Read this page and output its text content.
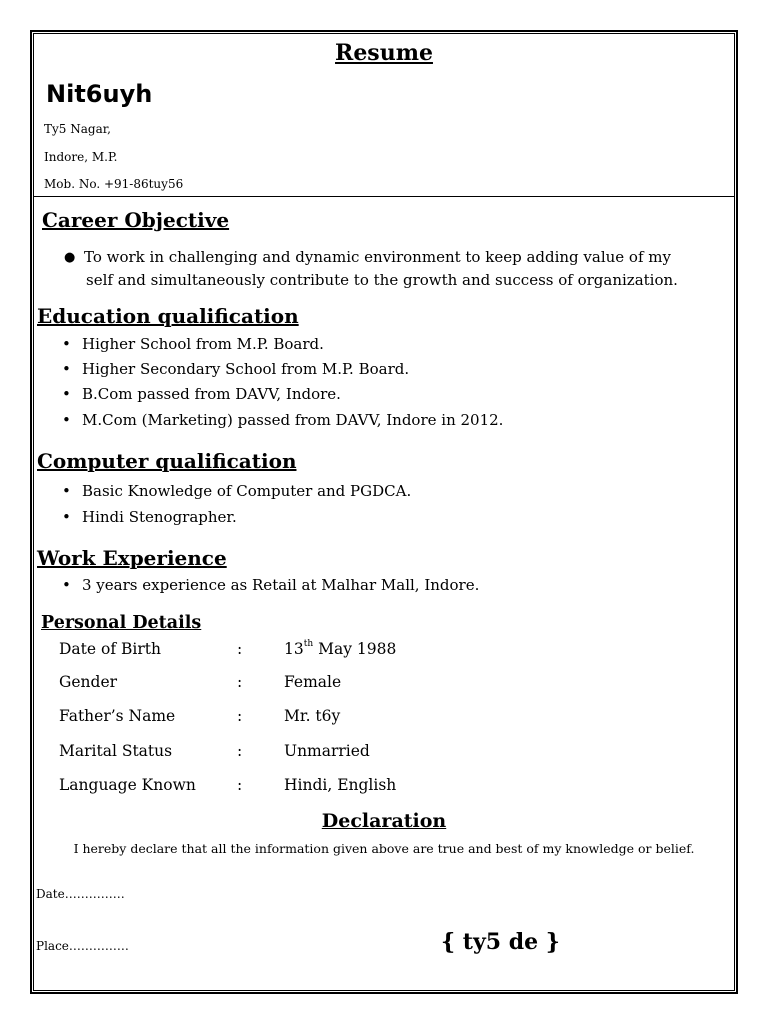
Resume
Nit6uyh
Ty5 Nagar,
Indore, M.P.
Mob. No. +91-86tuy56
Career Objective
● To work in challenging and dynamic environment to keep adding value of my
self and simultaneously contribute to the growth and success of organization.
Education qualification
• Higher School from M.P. Board.
• Higher Secondary School from M.P. Board.
• B.Com passed from DAVV, Indore.
• M.Com (Marketing) passed from DAVV, Indore in 2012.
Computer qualification
• Basic Knowledge of Computer and PGDCA.
• Hindi Stenographer.
Work Experience
• 3 years experience as Retail at Malhar Mall, Indore.
Personal Details
Date of Birth	:	13th May 1988
Gender	:	Female
Father’s Name	:	Mr. t6y
Marital Status	:	Unmarried
Language Known	:	Hindi, English
Declaration
I hereby declare that all the information given above are true and best of my knowledge or belief.
Date……………
Place……………	{ ty5 de }
